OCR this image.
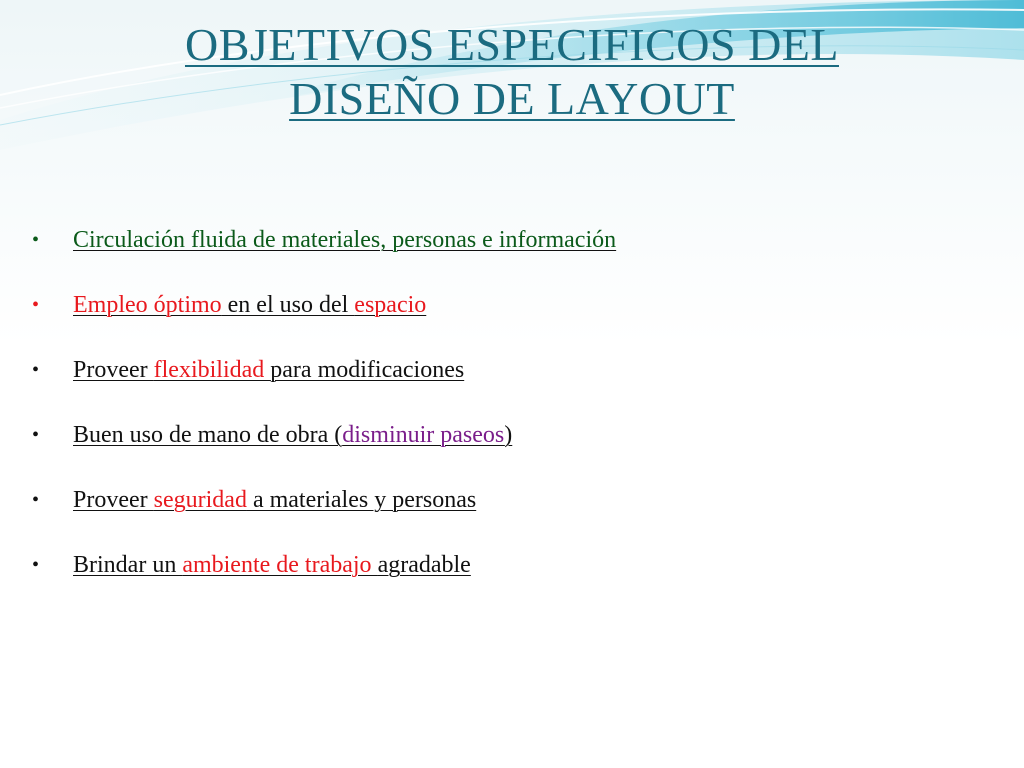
OBJETIVOS ESPECIFICOS DEL
DISEÑO DE LAYOUT
• Circulación fluida de materiales, personas e información
• Empleo óptimo en el uso del espacio
• Proveer flexibilidad para modificaciones
• Buen uso de mano de obra (disminuir paseos)
• Proveer seguridad a materiales y personas
• Brindar un ambiente de trabajo agradable
